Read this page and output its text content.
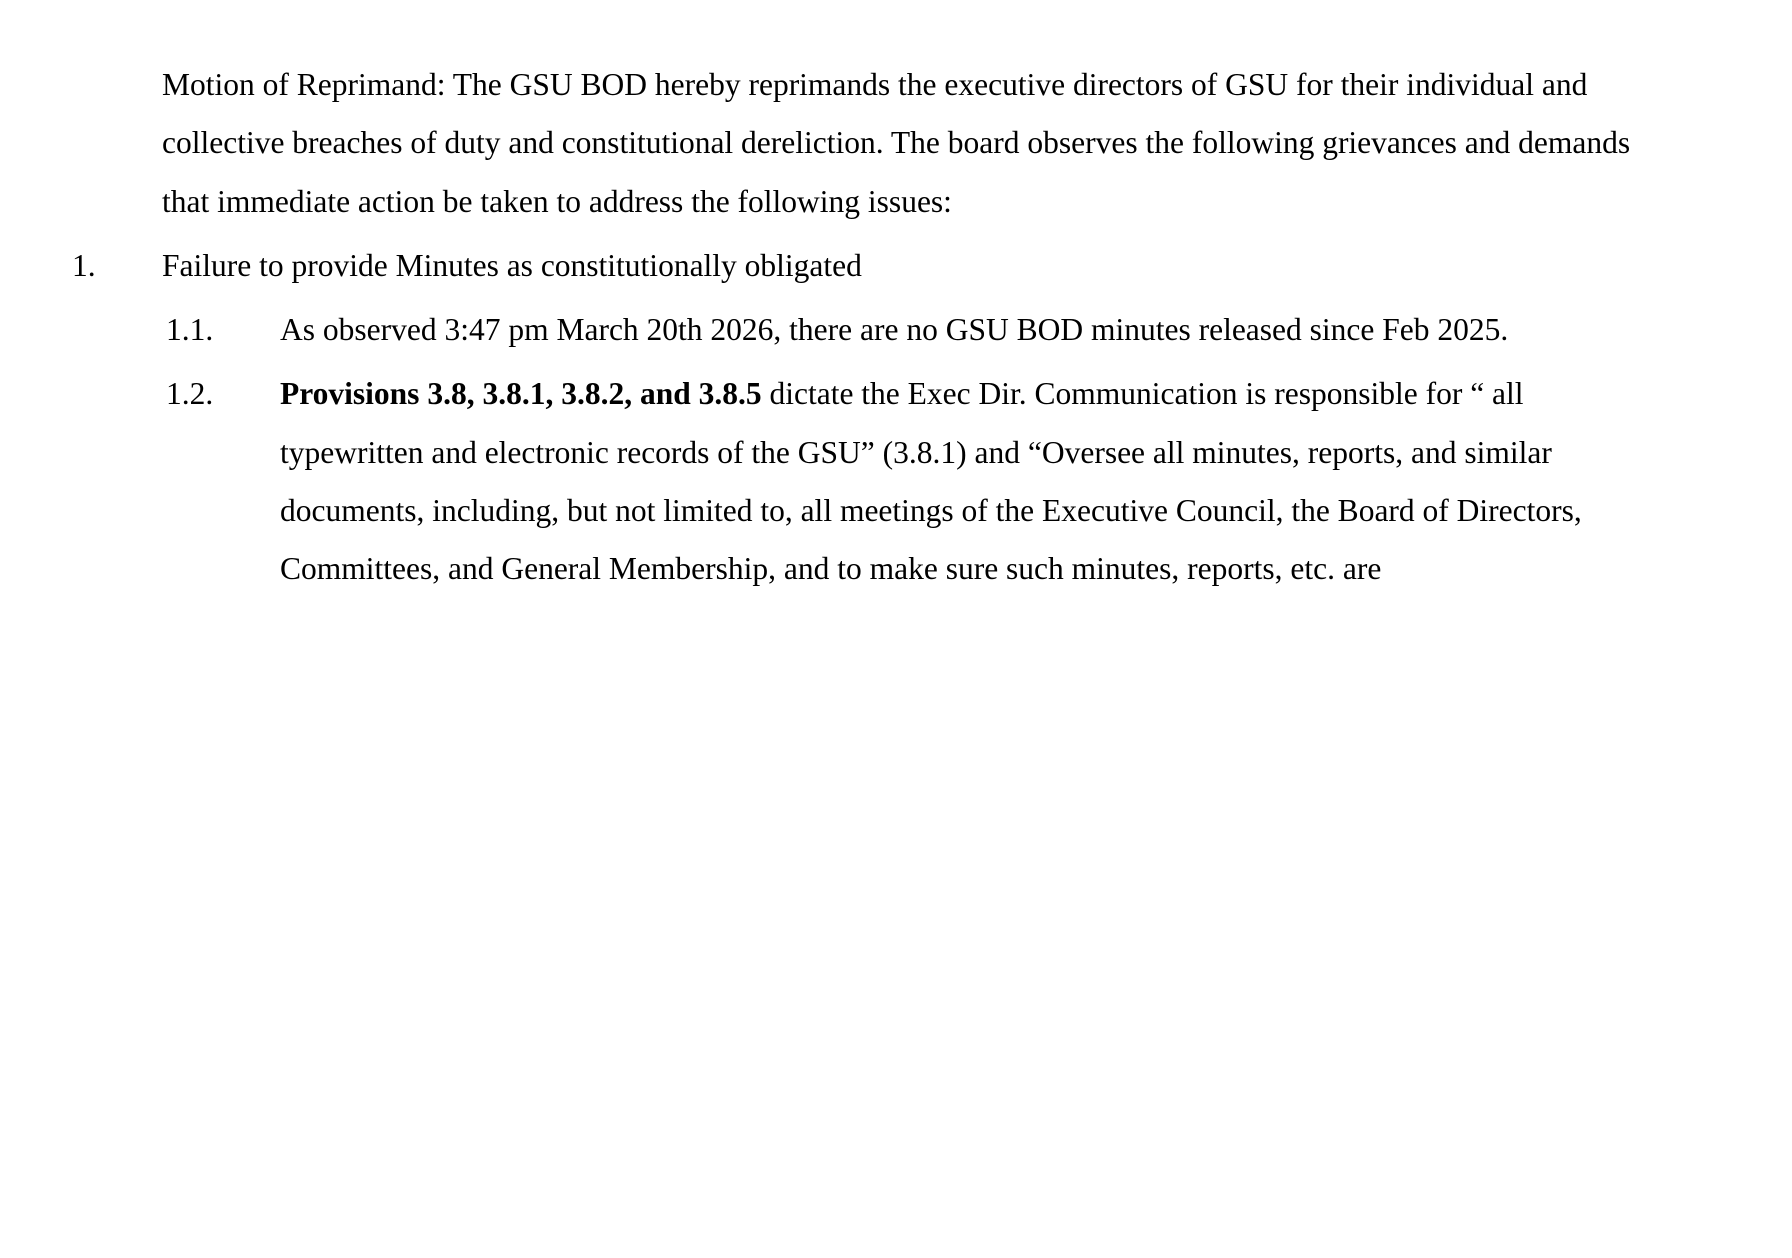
Motion of Reprimand: The GSU BOD hereby reprimands the executive directors of GSU for their individual and collective breaches of duty and constitutional dereliction. The board observes the following grievances and demands that immediate action be taken to address the following issues:

1.	Failure to provide Minutes as constitutionally obligated
1.1.	As observed 3:47 pm March 20th 2026, there are no GSU BOD minutes released since Feb 2025.
1.2.	Provisions 3.8, 3.8.1, 3.8.2, and 3.8.5 dictate the Exec Dir. Communication is responsible for “ all typewritten and electronic records of the GSU” (3.8.1) and “Oversee all minutes, reports, and similar documents, including, but not limited to, all meetings of the Executive Council, the Board of Directors, Committees, and General Membership, and to make sure such minutes, reports, etc. are
